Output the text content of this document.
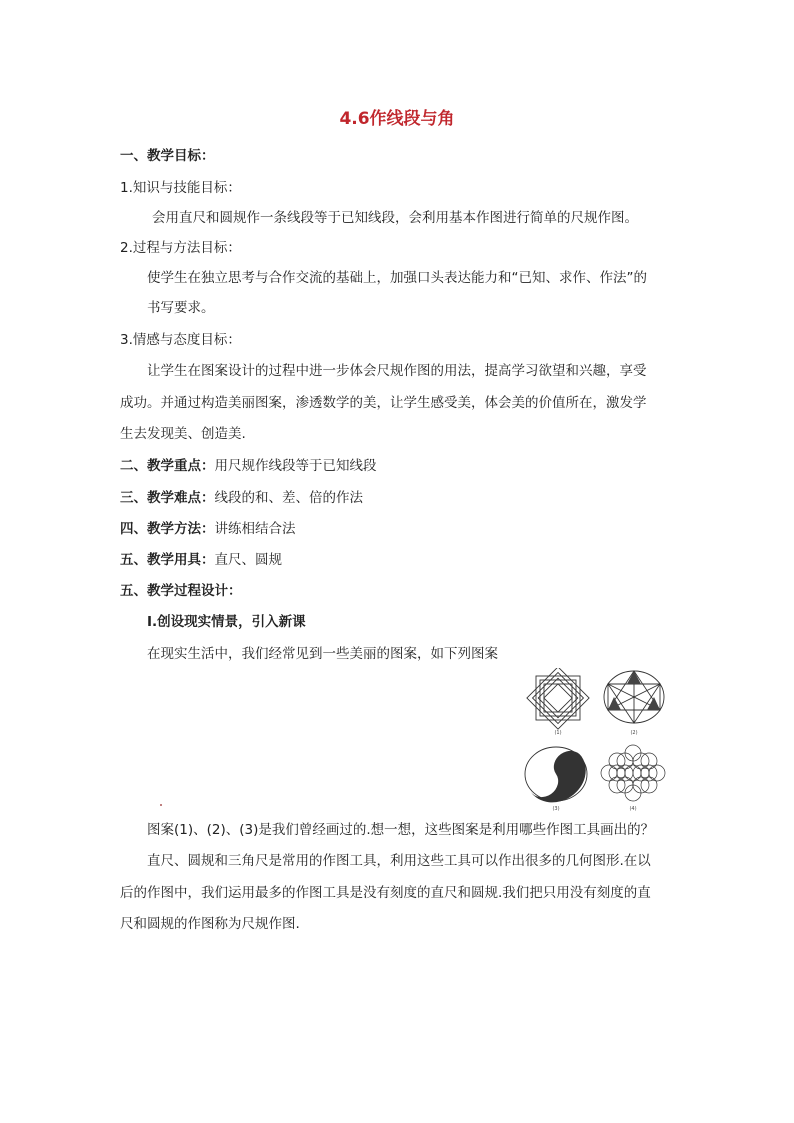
4.6作线段与角
一、教学目标：
1.知识与技能目标：
会用直尺和圆规作一条线段等于已知线段，会利用基本作图进行简单的尺规作图。
2.过程与方法目标：
使学生在独立思考与合作交流的基础上，加强口头表达能力和“已知、求作、作法”的
书写要求。
3.情感与态度目标：
让学生在图案设计的过程中进一步体会尺规作图的用法，提高学习欲望和兴趣，享受
成功。并通过构造美丽图案，渗透数学的美，让学生感受美，体会美的价值所在，激发学
生去发现美、创造美.
二、教学重点：用尺规作线段等于已知线段
三、教学难点：线段的和、差、倍的作法
四、教学方法：讲练相结合法
五、教学用具：直尺、圆规
五、教学过程设计：
Ⅰ.创设现实情景，引入新课
在现实生活中，我们经常见到一些美丽的图案，如下列图案
(1)	(2)
(3)	(4)
图案(1)、(2)、(3)是我们曾经画过的.想一想，这些图案是利用哪些作图工具画出的？
直尺、圆规和三角尺是常用的作图工具，利用这些工具可以作出很多的几何图形.在以
后的作图中，我们运用最多的作图工具是没有刻度的直尺和圆规.我们把只用没有刻度的直
尺和圆规的作图称为尺规作图.
